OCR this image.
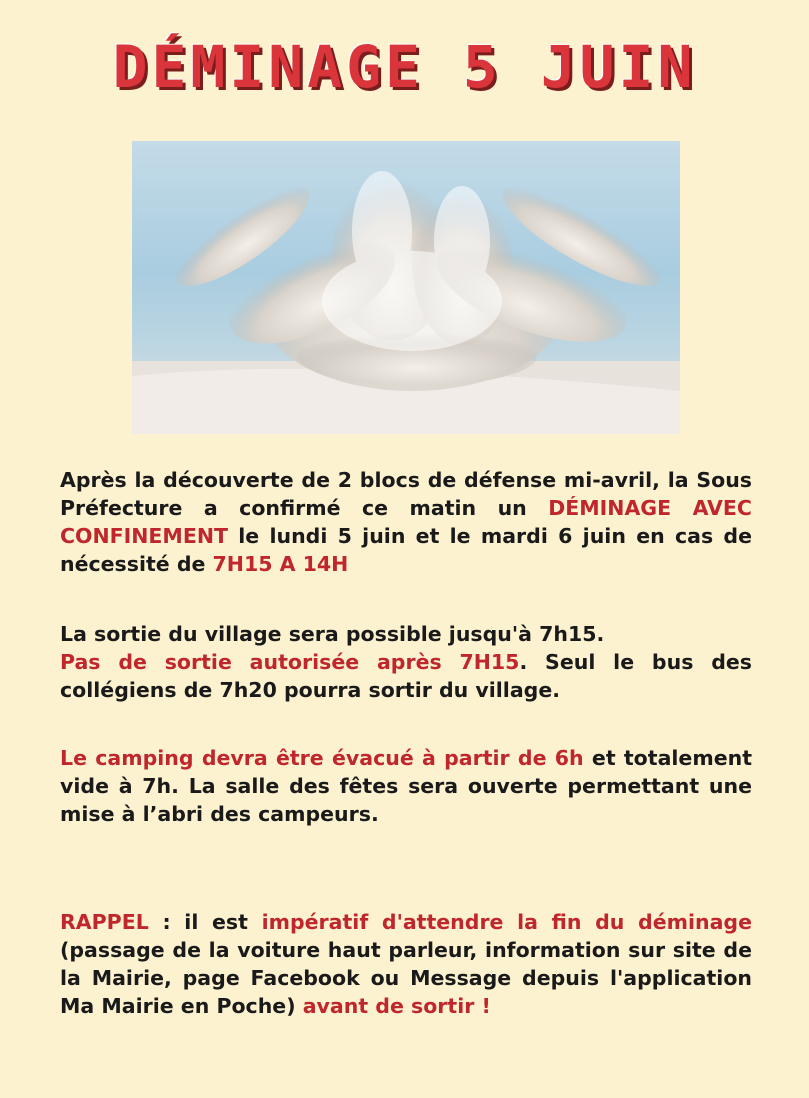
DÉMINAGE 5 JUIN
Après la découverte de 2 blocs de défense mi-avril, la Sous Préfecture a confirmé ce matin un DÉMINAGE AVEC CONFINEMENT le lundi 5 juin et le mardi 6 juin en cas de nécessité de 7H15 A 14H
La sortie du village sera possible jusqu'à 7h15.
Pas de sortie autorisée après 7H15. Seul le bus des collégiens de 7h20 pourra sortir du village.
Le camping devra être évacué à partir de 6h et totalement vide à 7h. La salle des fêtes sera ouverte permettant une mise à l’abri des campeurs.
RAPPEL : il est impératif d'attendre la fin du déminage (passage de la voiture haut parleur, information sur site de la Mairie, page Facebook ou Message depuis l'application Ma Mairie en Poche) avant de sortir !
